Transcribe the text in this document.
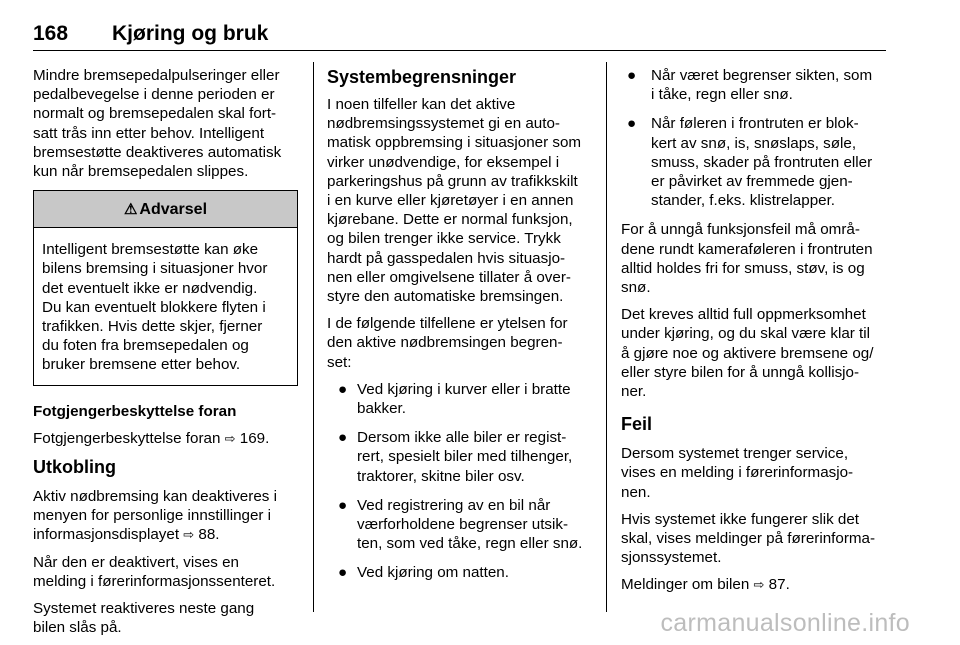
168 Kjøring og bruk

Mindre bremsepedalpulseringer eller
pedalbevegelse i denne perioden er
normalt og bremsepedalen skal fort-
satt trås inn etter behov. Intelligent
bremsestøtte deaktiveres automatisk
kun når bremsepedalen slippes.

⚠ Advarsel
Intelligent bremsestøtte kan øke
bilens bremsing i situasjoner hvor
det eventuelt ikke er nødvendig.
Du kan eventuelt blokkere flyten i
trafikken. Hvis dette skjer, fjerner
du foten fra bremsepedalen og
bruker bremsene etter behov.

Fotgjengerbeskyttelse foran

Fotgjengerbeskyttelse foran ⇨ 169.

Utkobling

Aktiv nødbremsing kan deaktiveres i
menyen for personlige innstillinger i
informasjonsdisplayet ⇨ 88.

Når den er deaktivert, vises en
melding i førerinformasjonssenteret.

Systemet reaktiveres neste gang
bilen slås på.

Systembegrensninger

I noen tilfeller kan det aktive
nødbremsingssystemet gi en auto-
matisk oppbremsing i situasjoner som
virker unødvendige, for eksempel i
parkeringshus på grunn av trafikkskilt
i en kurve eller kjøretøyer i en annen
kjørebane. Dette er normal funksjon,
og bilen trenger ikke service. Trykk
hardt på gasspedalen hvis situasjo-
nen eller omgivelsene tillater å over-
styre den automatiske bremsingen.

I de følgende tilfellene er ytelsen for
den aktive nødbremsingen begren-
set:

● Ved kjøring i kurver eller i bratte
bakker.
● Dersom ikke alle biler er regist-
rert, spesielt biler med tilhenger,
traktorer, skitne biler osv.
● Ved registrering av en bil når
værforholdene begrenser utsik-
ten, som ved tåke, regn eller snø.
● Ved kjøring om natten.
● Når været begrenser sikten, som
i tåke, regn eller snø.
● Når føleren i frontruten er blok-
kert av snø, is, snøslaps, søle,
smuss, skader på frontruten eller
er påvirket av fremmede gjen-
stander, f.eks. klistrelapper.

For å unngå funksjonsfeil må områ-
dene rundt kameraføleren i frontruten
alltid holdes fri for smuss, støv, is og
snø.

Det kreves alltid full oppmerksomhet
under kjøring, og du skal være klar til
å gjøre noe og aktivere bremsene og/
eller styre bilen for å unngå kollisjo-
ner.

Feil

Dersom systemet trenger service,
vises en melding i førerinformasjo-
nen.

Hvis systemet ikke fungerer slik det
skal, vises meldinger på førerinforma-
sjonssystemet.

Meldinger om bilen ⇨ 87.

carmanualsonline.info
